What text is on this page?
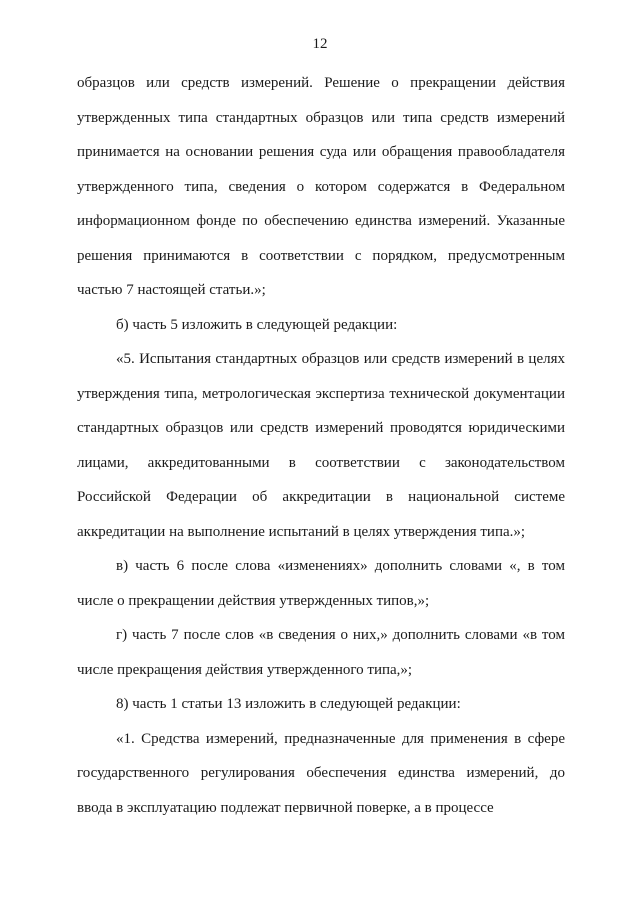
12

образцов или средств измерений. Решение о прекращении действия утвержденных типа стандартных образцов или типа средств измерений принимается на основании решения суда или обращения правообладателя утвержденного типа, сведения о котором содержатся в Федеральном информационном фонде по обеспечению единства измерений. Указанные решения принимаются в соответствии с порядком, предусмотренным частью 7 настоящей статьи.»;

б) часть 5 изложить в следующей редакции:

«5. Испытания стандартных образцов или средств измерений в целях утверждения типа, метрологическая экспертиза технической документации стандартных образцов или средств измерений проводятся юридическими лицами, аккредитованными в соответствии с законодательством Российской Федерации об аккредитации в национальной системе аккредитации на выполнение испытаний в целях утверждения типа.»;

в) часть 6 после слова «изменениях» дополнить словами «, в том числе о прекращении действия утвержденных типов,»;

г) часть 7 после слов «в сведения о них,» дополнить словами «в том числе прекращения действия утвержденного типа,»;

8) часть 1 статьи 13 изложить в следующей редакции:

«1. Средства измерений, предназначенные для применения в сфере государственного регулирования обеспечения единства измерений, до ввода в эксплуатацию подлежат первичной поверке, а в процессе
